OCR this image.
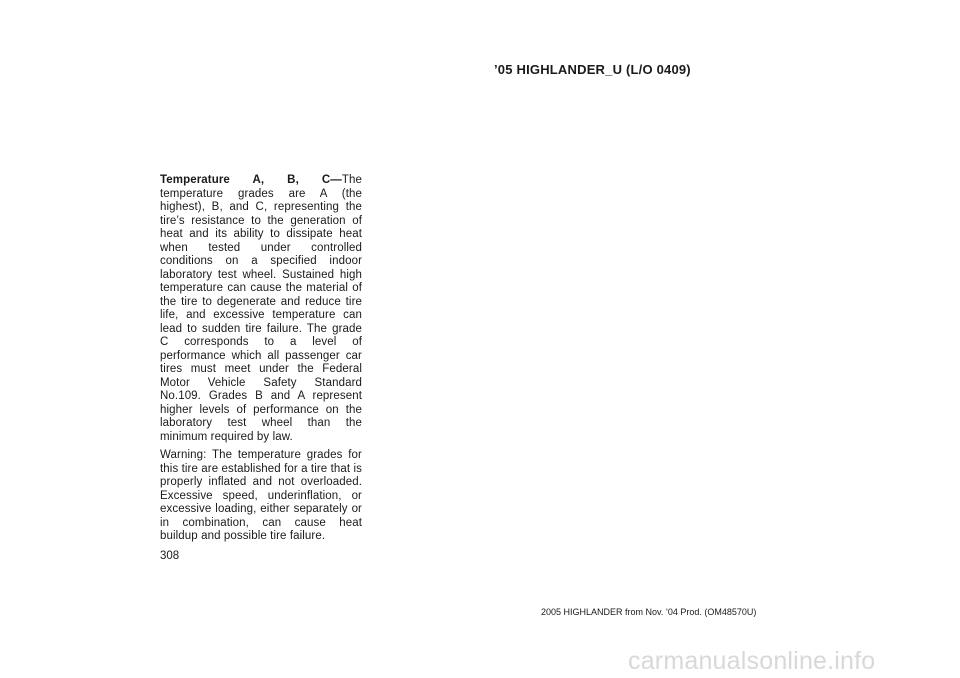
’05 HIGHLANDER_U (L/O 0409)

Temperature A, B, C—The temperature grades are A (the highest), B, and C, representing the tire’s resistance to the generation of heat and its ability to dissipate heat when tested under controlled conditions on a specified indoor laboratory test wheel. Sustained high temperature can cause the material of the tire to degenerate and reduce tire life, and excessive temperature can lead to sudden tire failure. The grade C corresponds to a level of performance which all passenger car tires must meet under the Federal Motor Vehicle Safety Standard No.109. Grades B and A represent higher levels of performance on the laboratory test wheel than the minimum required by law.

Warning: The temperature grades for this tire are established for a tire that is properly inflated and not overloaded. Excessive speed, underinflation, or excessive loading, either separately or in combination, can cause heat buildup and possible tire failure.

308
2005 HIGHLANDER from Nov. ’04 Prod. (OM48570U)
carmanualsonline.info
